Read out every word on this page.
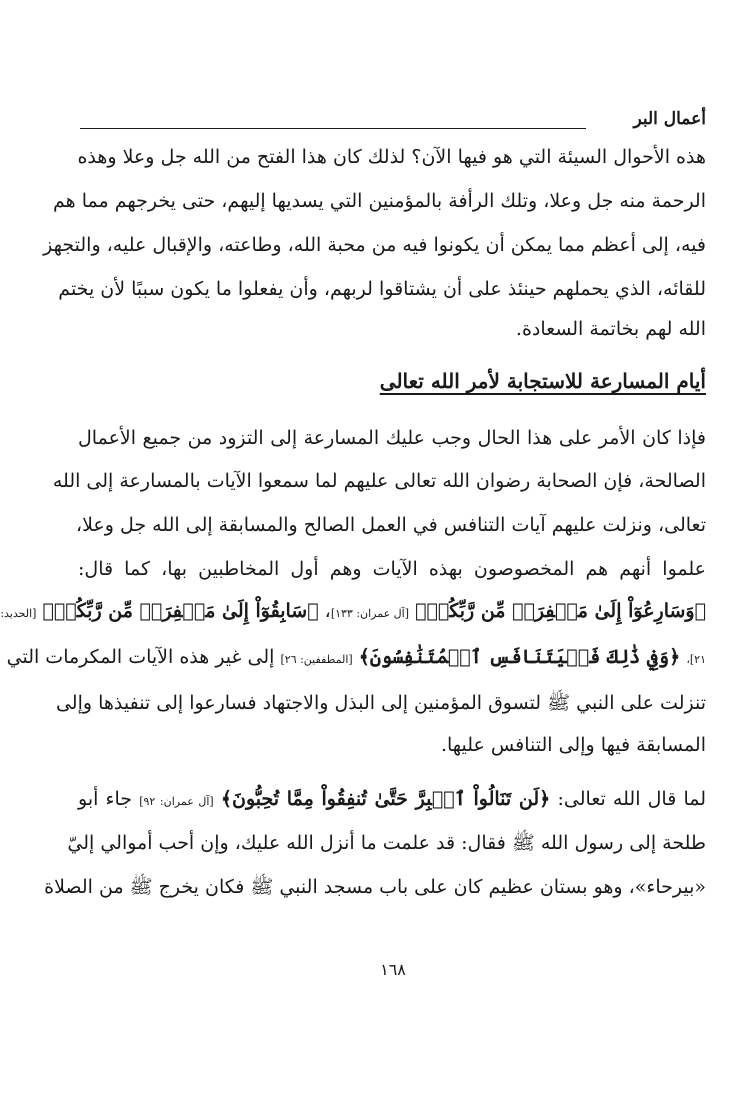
أعمال البر
هذه الأحوال السيئة التي هو فيها الآن؟ لذلك كان هذا الفتح من الله جل وعلا وهذه
الرحمة منه جل وعلا، وتلك الرأفة بالمؤمنين التي يسديها إليهم، حتى يخرجهم مما هم
فيه، إلى أعظم مما يمكن أن يكونوا فيه من محبة الله، وطاعته، والإقبال عليه، والتجهز
للقائه، الذي يحملهم حينئذ على أن يشتاقوا لربهم، وأن يفعلوا ما يكون سببًا لأن يختم
الله لهم بخاتمة السعادة.
أيام المسارعة للاستجابة لأمر الله تعالى
فإذا كان الأمر على هذا الحال وجب عليك المسارعة إلى التزود من جميع الأعمال
الصالحة، فإن الصحابة رضوان الله تعالى عليهم لما سمعوا الآيات بالمسارعة إلى الله
تعالى، ونزلت عليهم آيات التنافس في العمل الصالح والمسابقة إلى الله جل وعلا،
علموا أنهم هم المخصوصون بهذه الآيات وهم أول المخاطبين بها، كما قال:
﴿وَسَارِعُوٓاْ إِلَىٰ مَغۡفِرَةٖ مِّن رَّبِّكُمۡ﴾ [آل عمران: ١٣٣]، ﴿سَابِقُوٓاْ إِلَىٰ مَغۡفِرَةٖ مِّن رَّبِّكُمۡ﴾ [الحديد:
٢١]، ﴿وَفِي ذَٰلِكَ فَلۡيَتَنَافَسِ ٱلۡمُتَنَٰفِسُونَ﴾ [المطففين: ٢٦] إلى غير هذه الآيات المكرمات التي
تنزلت على النبي ﷺ لتسوق المؤمنين إلى البذل والاجتهاد فسارعوا إلى تنفيذها وإلى
المسابقة فيها وإلى التنافس عليها.
لما قال الله تعالى: ﴿لَن تَنَالُواْ ٱلۡبِرَّ حَتَّىٰ تُنفِقُواْ مِمَّا تُحِبُّونَ﴾ [آل عمران: ٩٢] جاء أبو
طلحة إلى رسول الله ﷺ فقال: قد علمت ما أنزل الله عليك، وإن أحب أموالي إليّ
«بيرحاء»، وهو بستان عظيم كان على باب مسجد النبي ﷺ فكان يخرج ﷺ من الصلاة
١٦٨
